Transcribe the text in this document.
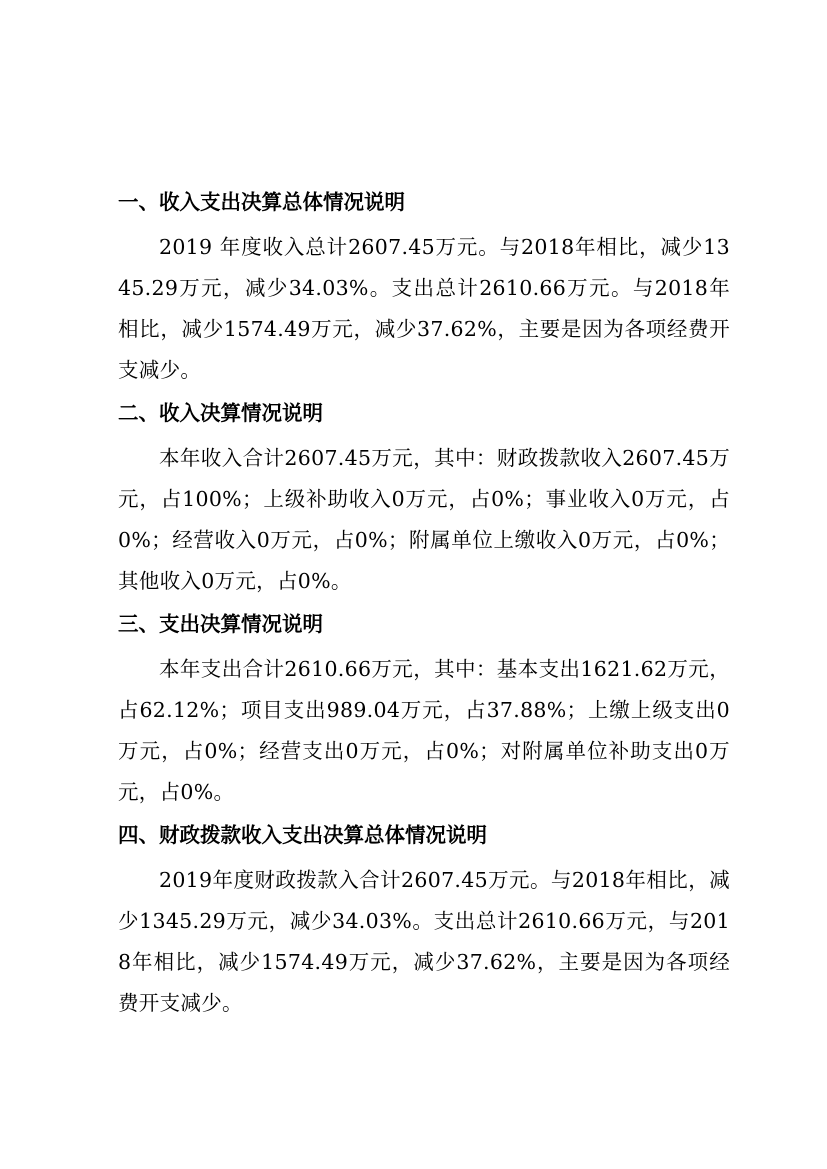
一、收入支出决算总体情况说明

2019 年度收入总计2607.45万元。与2018年相比，减少1345.29万元，减少34.03%。支出总计2610.66万元。与2018年相比，减少1574.49万元，减少37.62%，主要是因为各项经费开支减少。

二、收入决算情况说明

本年收入合计2607.45万元，其中：财政拨款收入2607.45万元，占100%；上级补助收入0万元，占0%；事业收入0万元，占0%；经营收入0万元，占0%；附属单位上缴收入0万元，占0%；其他收入0万元，占0%。

三、支出决算情况说明

本年支出合计2610.66万元，其中：基本支出1621.62万元，占62.12%；项目支出989.04万元，占37.88%；上缴上级支出0万元，占0%；经营支出0万元，占0%；对附属单位补助支出0万元，占0%。

四、财政拨款收入支出决算总体情况说明

2019年度财政拨款入合计2607.45万元。与2018年相比，减少1345.29万元，减少34.03%。支出总计2610.66万元，与2018年相比，减少1574.49万元，减少37.62%，主要是因为各项经费开支减少。
